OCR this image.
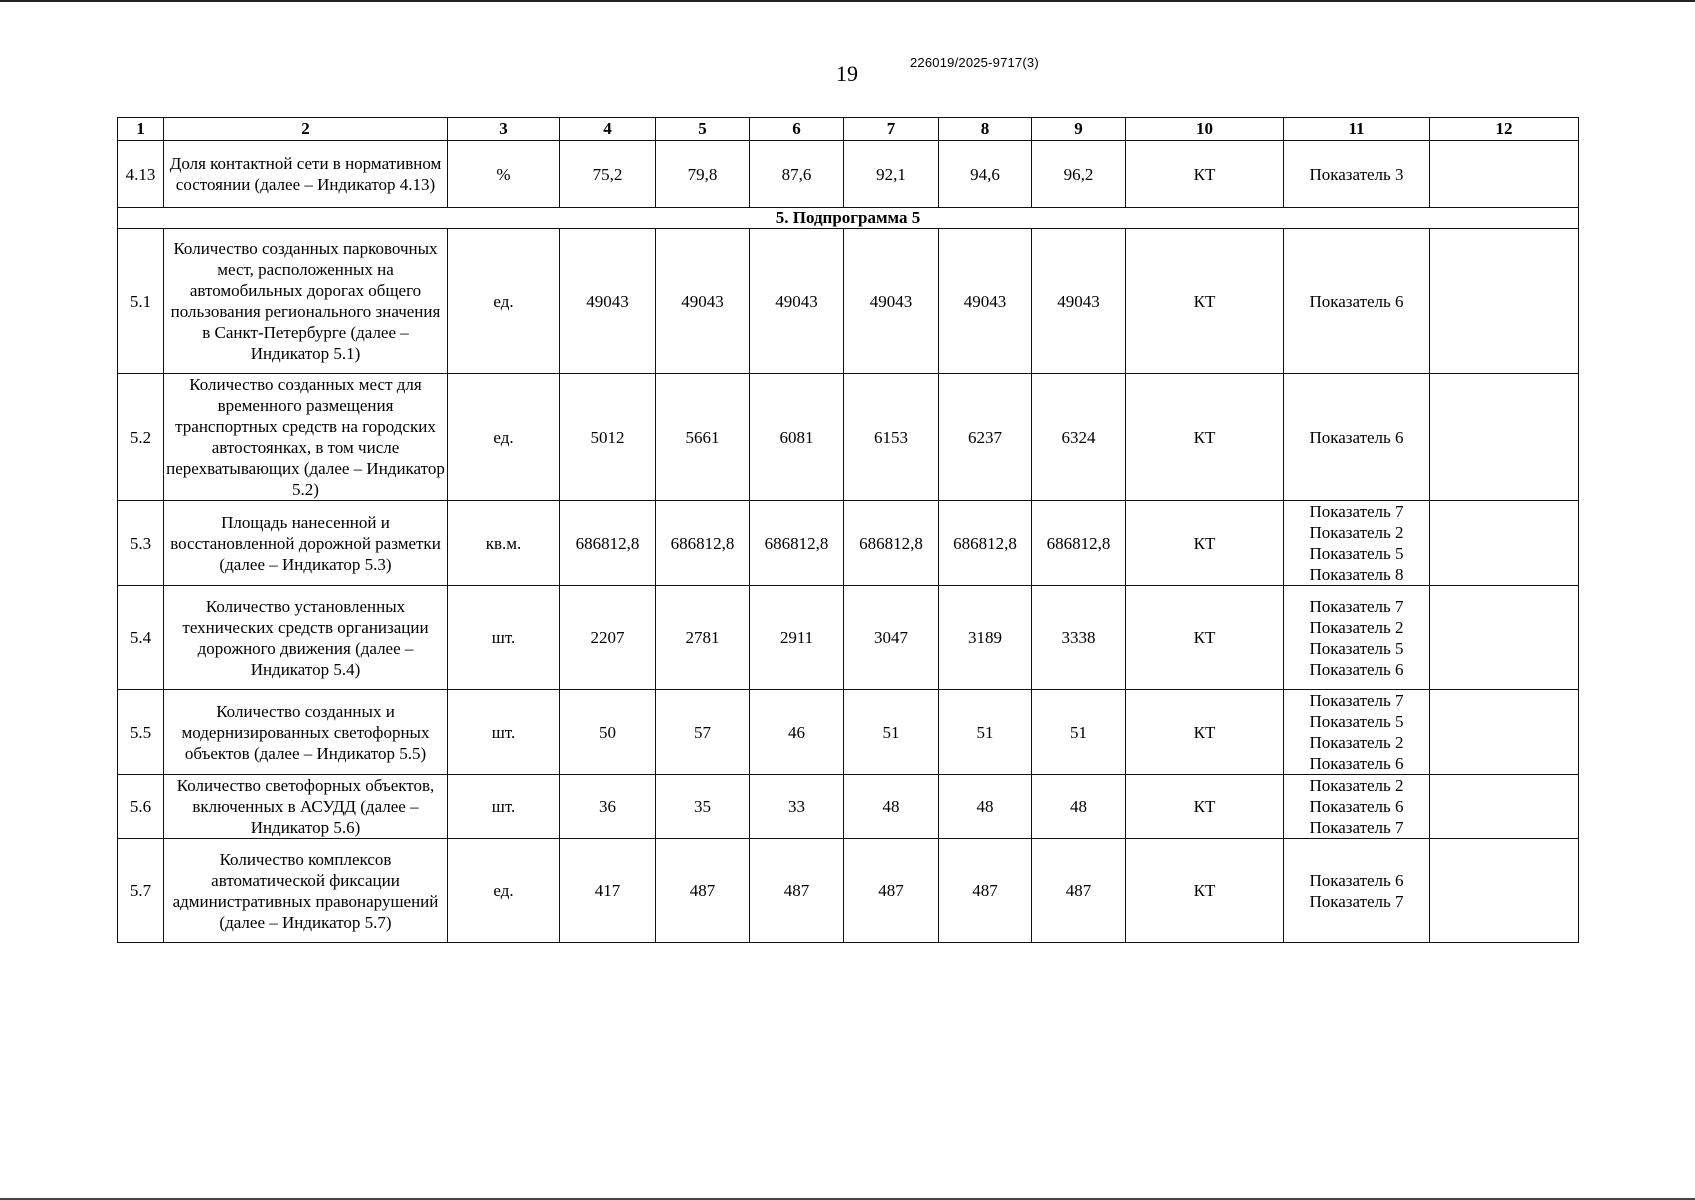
19	226019/2025-9717(3)
1	2	3	4	5	6	7	8	9	10	11	12
4.13	Доля контактной сети в нормативном состоянии (далее – Индикатор 4.13)	%	75,2	79,8	87,6	92,1	94,6	96,2	КТ	Показатель 3	

5. Подпрограмма 5											
5.1	Количество созданных парковочных мест, расположенных на автомобильных дорогах общего пользования регионального значения в Санкт-Петербурге (далее – Индикатор 5.1)	ед.	49043	49043	49043	49043	49043	49043	КТ	Показатель 6	

5.2	Количество созданных мест для временного размещения транспортных средств на городских автостоянках, в том числе перехватывающих (далее – Индикатор 5.2)	ед.	5012	5661	6081	6153	6237	6324	КТ	Показатель 6	

5.3	Площадь нанесенной и восстановленной дорожной разметки (далее – Индикатор 5.3)	кв.м.	686812,8	686812,8	686812,8	686812,8	686812,8	686812,8	КТ	Показатель 7
Показатель 2
Показатель 5
Показатель 8	

5.4	Количество установленных технических средств организации дорожного движения (далее – Индикатор 5.4)	шт.	2207	2781	2911	3047	3189	3338	КТ	Показатель 7
Показатель 2
Показатель 5
Показатель 6	

5.5	Количество созданных и модернизированных светофорных объектов (далее – Индикатор 5.5)	шт.	50	57	46	51	51	51	КТ	Показатель 7
Показатель 5
Показатель 2
Показатель 6	

5.6	Количество светофорных объектов, включенных в АСУДД (далее – Индикатор 5.6)	шт.	36	35	33	48	48	48	КТ	Показатель 2
Показатель 6
Показатель 7	

5.7	Количество комплексов автоматической фиксации административных правонарушений (далее – Индикатор 5.7)	ед.	417	487	487	487	487	487	КТ	Показатель 6
Показатель 7	
